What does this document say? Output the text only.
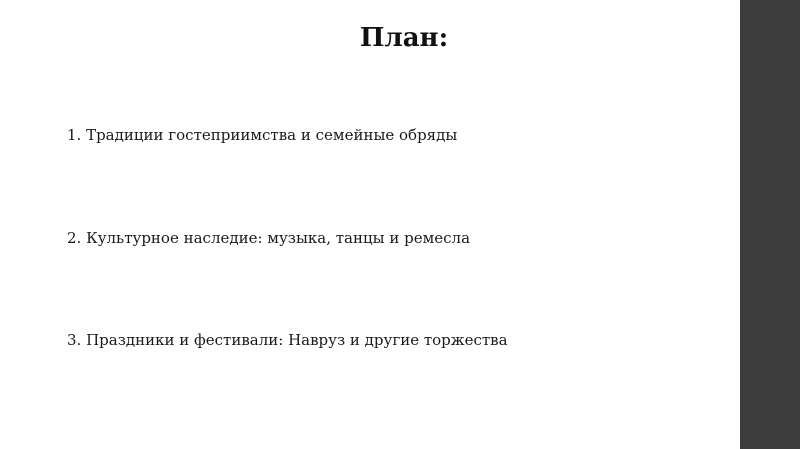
План:

1. Традиции гостеприимства и семейные обряды

2. Культурное наследие: музыка, танцы и ремесла

3. Праздники и фестивали: Навруз и другие торжества
